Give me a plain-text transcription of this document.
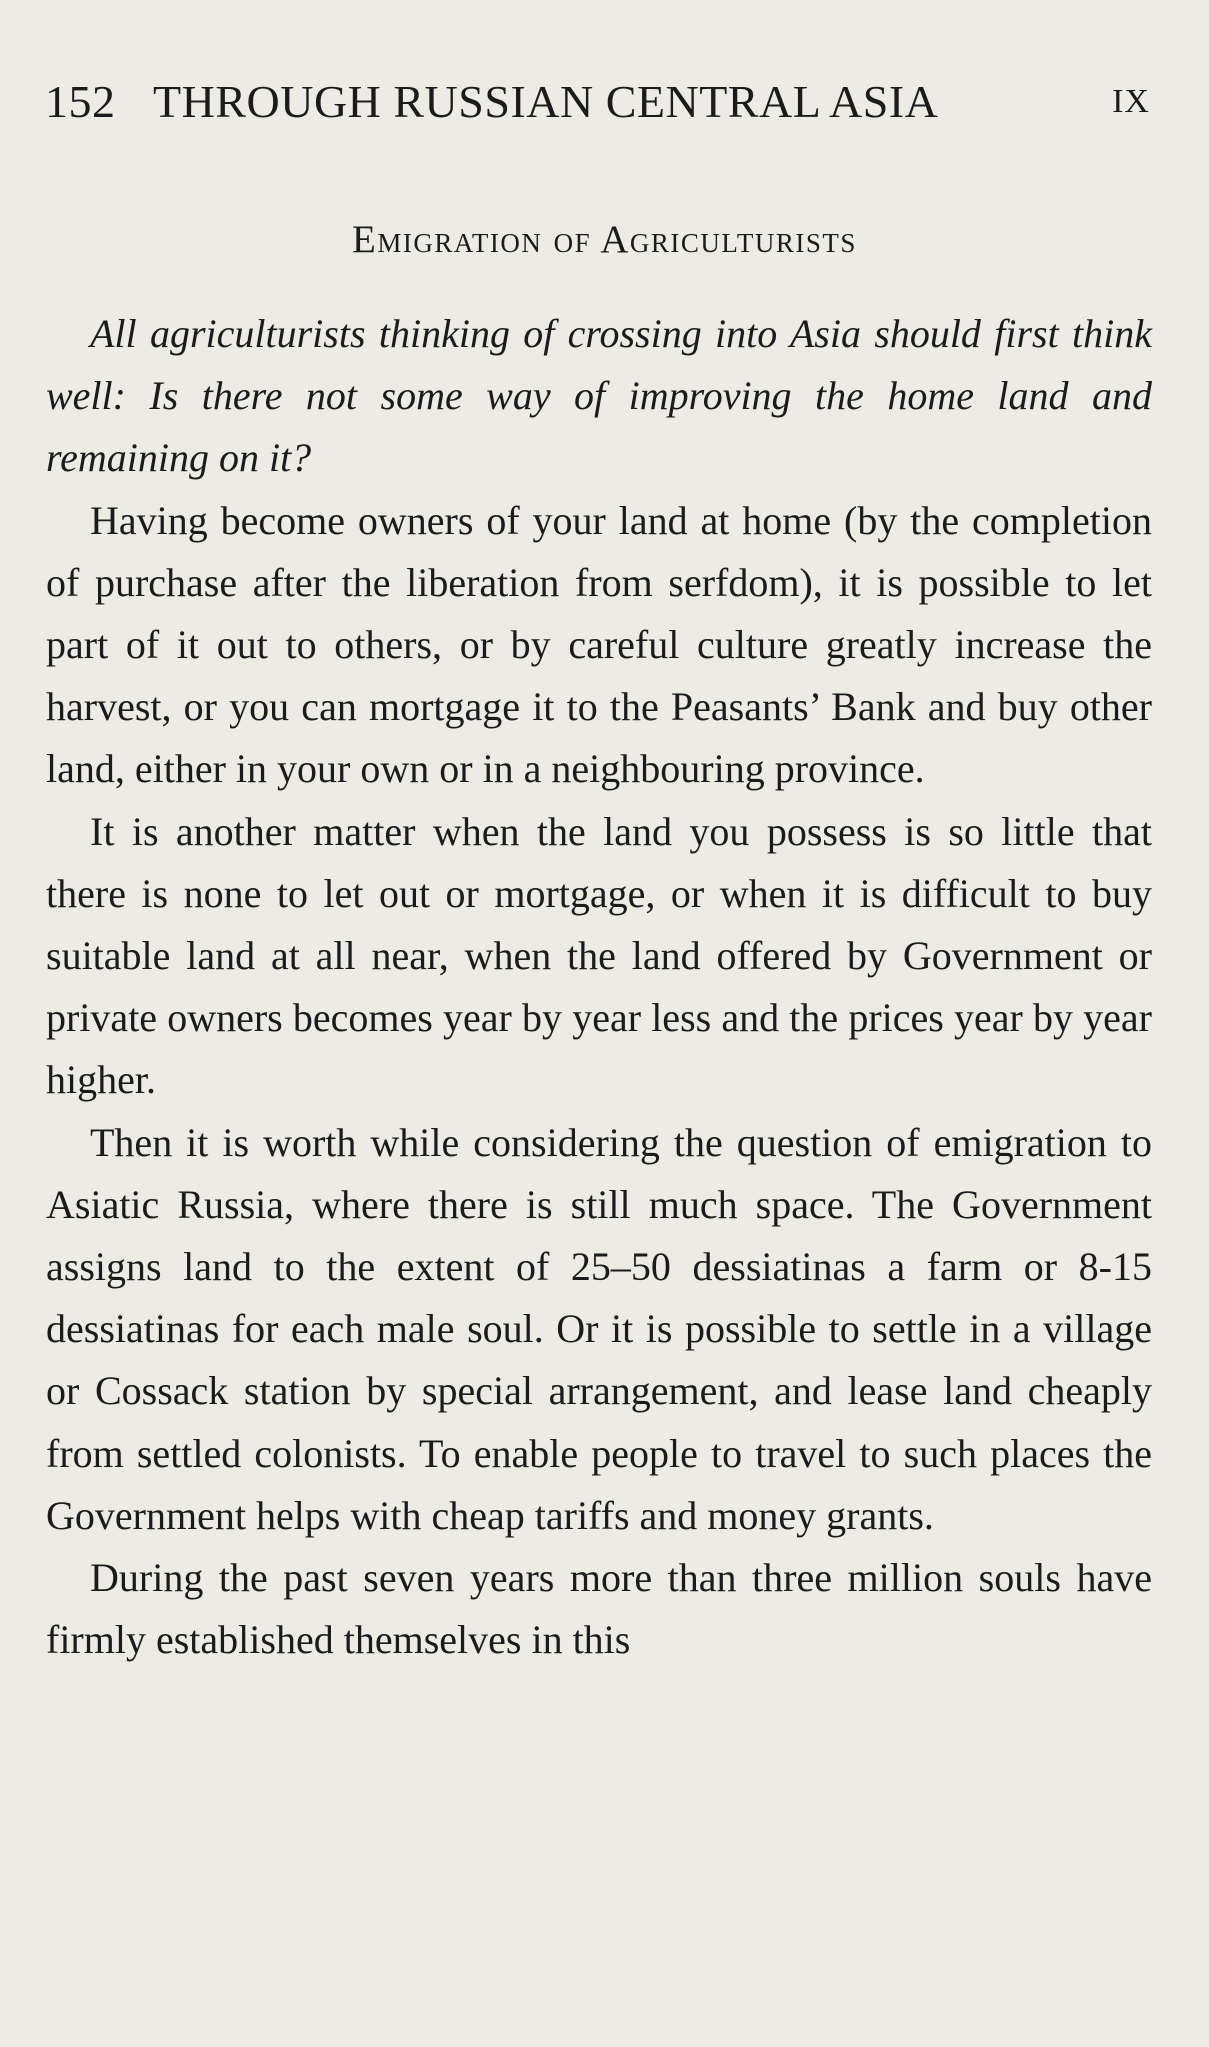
152 THROUGH RUSSIAN CENTRAL ASIA	IX
Emigration of Agriculturists

All agriculturists thinking of crossing into Asia should first think well: Is there not some way of improving the home land and remaining on it?

Having become owners of your land at home (by the completion of purchase after the liberation from serfdom), it is possible to let part of it out to others, or by careful culture greatly increase the harvest, or you can mortgage it to the Peasants’ Bank and buy other land, either in your own or in a neighbouring province.

It is another matter when the land you possess is so little that there is none to let out or mortgage, or when it is difficult to buy suitable land at all near, when the land offered by Government or private owners becomes year by year less and the prices year by year higher.

Then it is worth while considering the question of emigration to Asiatic Russia, where there is still much space. The Government assigns land to the extent of 25–50 dessiatinas a farm or 8-15 dessiatinas for each male soul. Or it is possible to settle in a village or Cossack station by special arrangement, and lease land cheaply from settled colonists. To enable people to travel to such places the Government helps with cheap tariffs and money grants.

During the past seven years more than three million souls have firmly established themselves in this
